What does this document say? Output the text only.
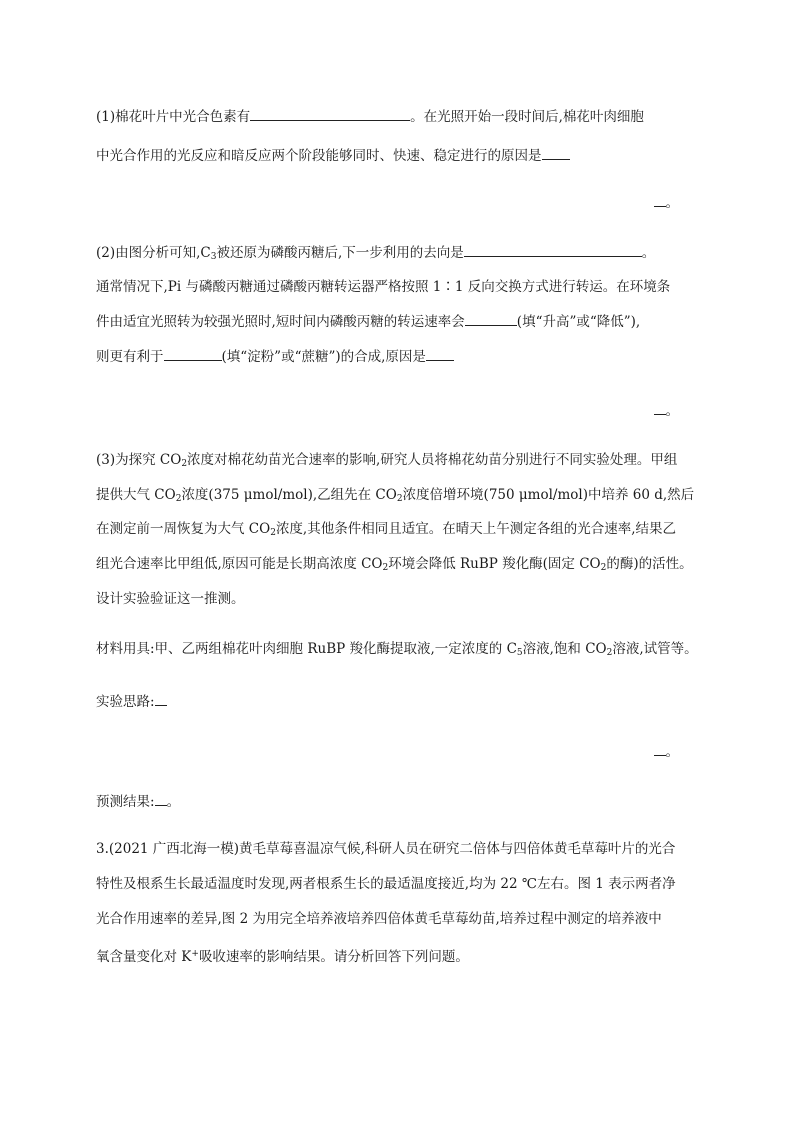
(1)棉花叶片中光合色素有	。在光照开始一段时间后,棉花叶肉细胞
中光合作用的光反应和暗反应两个阶段能够同时、快速、稳定进行的原因是
。
(2)由图分析可知$,C_3$被还原为磷酸丙糖后,下一步利用的去向是	。
通常情况下,Pi 与磷酸丙糖通过磷酸丙糖转运器严格按照 1∶1 反向交换方式进行转运。在环境条
件由适宜光照转为较强光照时,短时间内磷酸丙糖的转运速率会	(填“升高”或“降低”),
则更有利于	(填“淀粉”或“蔗糖”)的合成,原因是
。
(3)为探究 $CO_2$浓度对棉花幼苗光合速率的影响,研究人员将棉花幼苗分别进行不同实验处理。甲组
提供大气 $CO_2$浓度(375 μmol/mol),乙组先在 $CO_2$浓度倍增环境(750 μmol/mol)中培养 60 d,然后
在测定前一周恢复为大气 $CO_2$浓度,其他条件相同且适宜。在晴天上午测定各组的光合速率,结果乙
组光合速率比甲组低,原因可能是长期高浓度 $CO_2$环境会降低 RuBP 羧化酶(固定 $CO_2$的酶)的活性。
设计实验验证这一推测。
材料用具:甲、乙两组棉花叶肉细胞 RuBP 羧化酶提取液,一定浓度的 $C_5$溶液,饱和 $CO_2$溶液,试管等。
实验思路:
。
预测结果: 。
3.(2021 广西北海一模)黄毛草莓喜温凉气候,科研人员在研究二倍体与四倍体黄毛草莓叶片的光合
特性及根系生长最适温度时发现,两者根系生长的最适温度接近,均为 22 ℃左右。图 1 表示两者净
光合作用速率的差异,图 2 为用完全培养液培养四倍体黄毛草莓幼苗,培养过程中测定的培养液中
氧含量变化对 K+吸收速率的影响结果。请分析回答下列问题。
